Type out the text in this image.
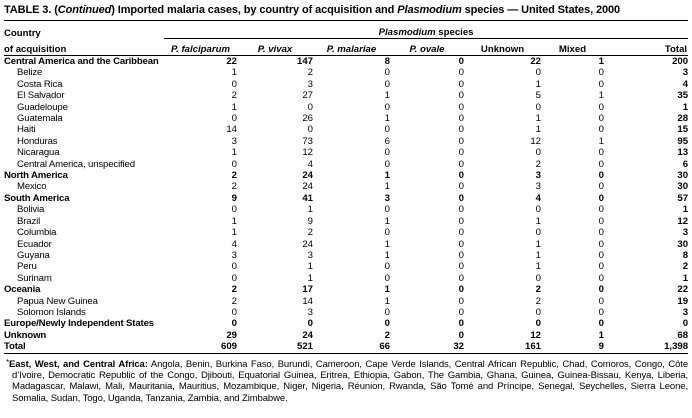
TABLE 3. (Continued) Imported malaria cases, by country of acquisition and Plasmodium species — United States, 2000

Country	Plasmodium species						
of acquisition	P. falciparum	P. vivax	P. malariae	P. ovale	Unknown	Mixed	Total
Central America and the Caribbean	22	147	8	0	22	1	200
Belize	1	2	0	0	0	0	3
Costa Rica	0	3	0	0	1	0	4
El Salvador	2	27	1	0	5	1	35
Guadeloupe	1	0	0	0	0	0	1
Guatemala	0	26	1	0	1	0	28
Haiti	14	0	0	0	1	0	15
Honduras	3	73	6	0	12	1	95
Nicaragua	1	12	0	0	0	0	13
Central America, unspecified	0	4	0	0	2	0	6
North America	2	24	1	0	3	0	30
Mexico	2	24	1	0	3	0	30
South America	9	41	3	0	4	0	57
Bolivia	0	1	0	0	0	0	1
Brazil	1	9	1	0	1	0	12
Columbia	1	2	0	0	0	0	3
Ecuador	4	24	1	0	1	0	30
Guyana	3	3	1	0	1	0	8
Peru	0	1	0	0	1	0	2
Surinam	0	1	0	0	0	0	1
Oceania	2	17	1	0	2	0	22
Papua New Guinea	2	14	1	0	2	0	19
Solomon Islands	0	3	0	0	0	0	3
Europe/Newly Independent States	0	0	0	0	0	0	0
Unknown	29	24	2	0	12	1	68
Total	609	521	66	32	161	9	1,398

*East, West, and Central Africa: Angola, Benin, Burkina Faso, Burundi, Cameroon, Cape Verde Islands, Central African Republic, Chad, Comoros, Congo, Côte d’Ivoire, Democratic Republic of the Congo, Djibouti, Equatorial Guinea, Eritrea, Ethiopia, Gabon, The Gambia, Ghana, Guinea, Guinea-Bissau, Kenya, Liberia, Madagascar, Malawi, Mali, Mauritania, Mauritius, Mozambique, Niger, Nigeria, Réunion, Rwanda, São Tomé and Príncipe, Senegal, Seychelles, Sierra Leone, Somalia, Sudan, Togo, Uganda, Tanzania, Zambia, and Zimbabwe.
